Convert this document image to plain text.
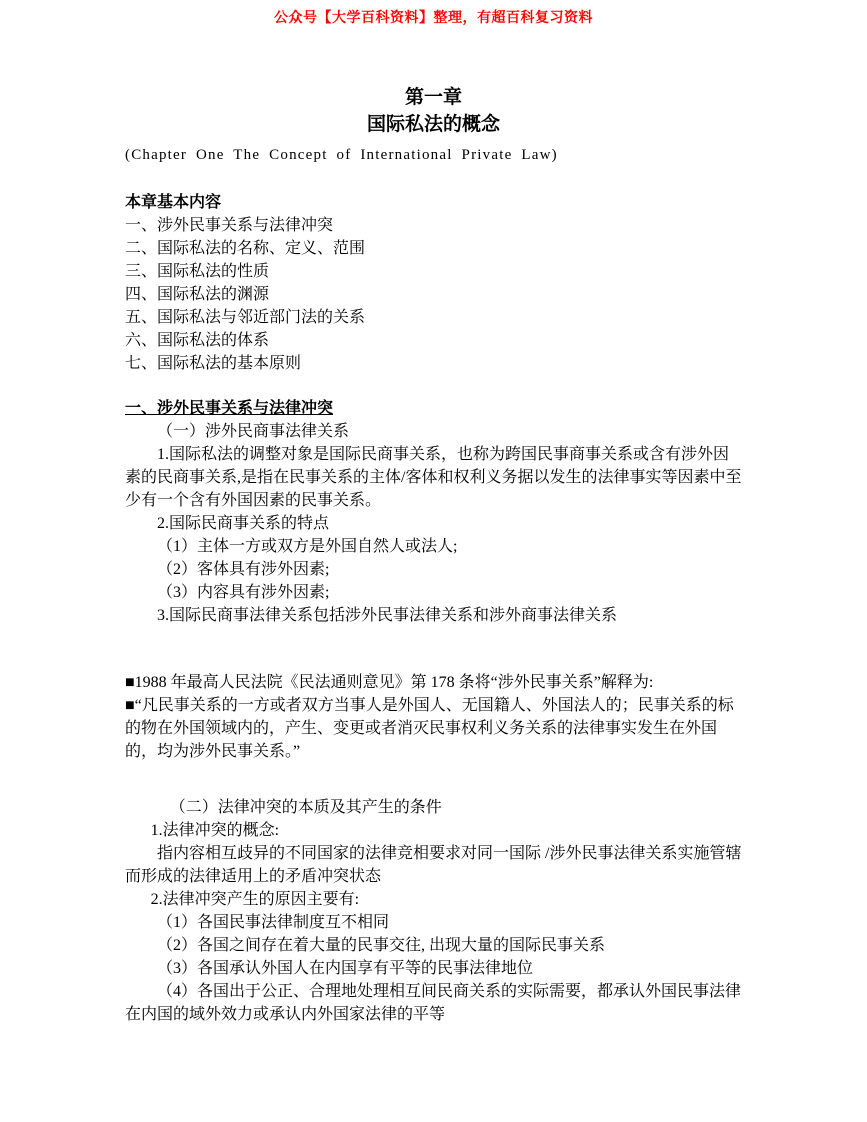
公众号【大学百科资料】整理，有超百科复习资料
第一章
国际私法的概念
(Chapter One The Concept of International Private Law)
本章基本内容
一、涉外民事关系与法律冲突
二、国际私法的名称、定义、范围
三、国际私法的性质
四、国际私法的渊源
五、国际私法与邻近部门法的关系
六、国际私法的体系
七、国际私法的基本原则
一、涉外民事关系与法律冲突
（一）涉外民商事法律关系
1.国际私法的调整对象是国际民商事关系，也称为跨国民事商事关系或含有涉外因素的民商事关系,是指在民事关系的主体/客体和权利义务据以发生的法律事实等因素中至少有一个含有外国因素的民事关系。
2.国际民商事关系的特点
（1）主体一方或双方是外国自然人或法人;
（2）客体具有涉外因素;
（3）内容具有涉外因素;
3.国际民商事法律关系包括涉外民事法律关系和涉外商事法律关系
■1988 年最高人民法院《民法通则意见》第 178 条将“涉外民事关系”解释为:
■“凡民事关系的一方或者双方当事人是外国人、无国籍人、外国法人的；民事关系的标的物在外国领域内的，产生、变更或者消灭民事权利义务关系的法律事实发生在外国的，均为涉外民事关系。”
（二）法律冲突的本质及其产生的条件
1.法律冲突的概念:
指内容相互歧异的不同国家的法律竞相要求对同一国际 /涉外民事法律关系实施管辖而形成的法律适用上的矛盾冲突状态
2.法律冲突产生的原因主要有:
（1）各国民事法律制度互不相同
（2）各国之间存在着大量的民事交往, 出现大量的国际民事关系
（3）各国承认外国人在内国享有平等的民事法律地位
（4）各国出于公正、合理地处理相互间民商关系的实际需要，都承认外国民事法律在内国的域外效力或承认内外国家法律的平等
